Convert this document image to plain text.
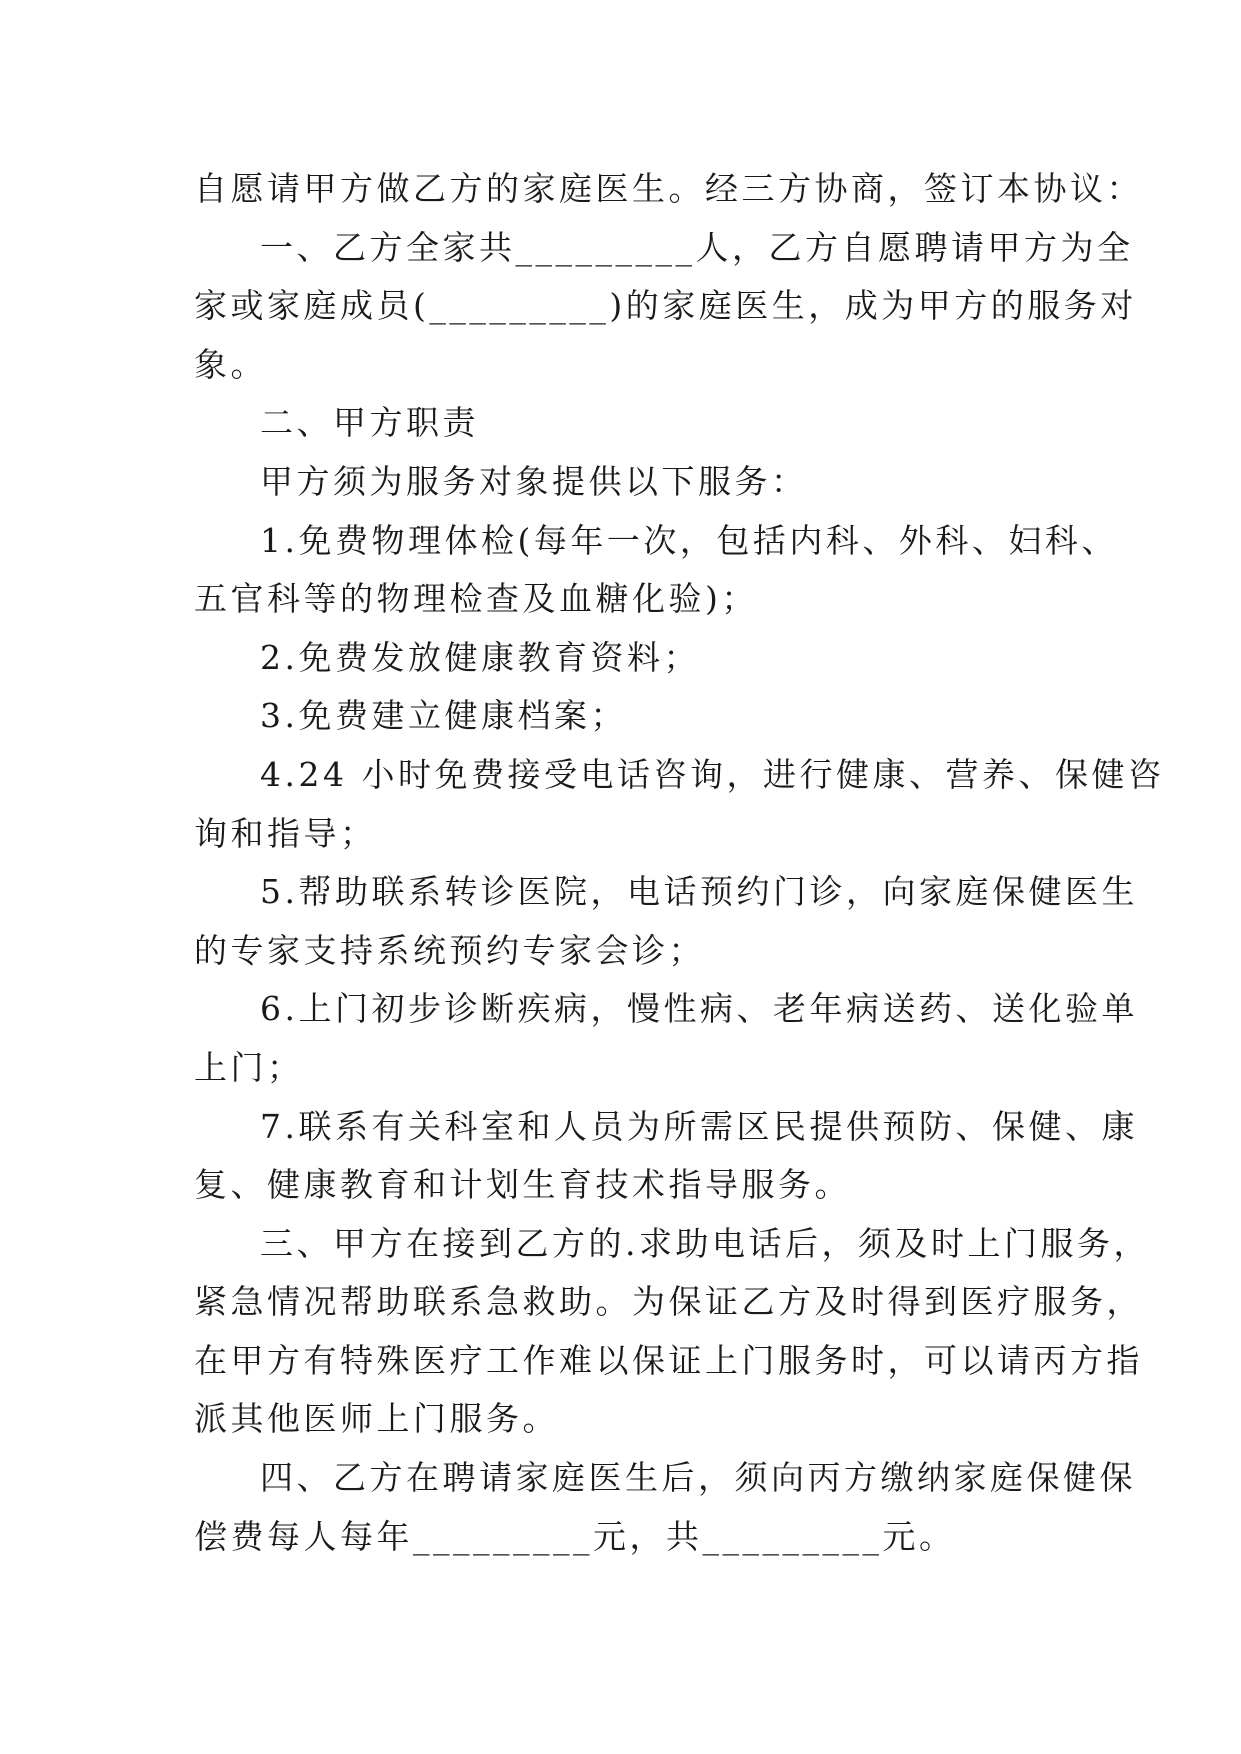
自愿请甲方做乙方的家庭医生。经三方协商，签订本协议：
一、乙方全家共_________人，乙方自愿聘请甲方为全
家或家庭成员(_________)的家庭医生，成为甲方的服务对
象。
二、甲方职责
甲方须为服务对象提供以下服务：
1.免费物理体检(每年一次，包括内科、外科、妇科、
五官科等的物理检查及血糖化验)；
2.免费发放健康教育资料；
3.免费建立健康档案；
4.24 小时免费接受电话咨询，进行健康、营养、保健咨
询和指导；
5.帮助联系转诊医院，电话预约门诊，向家庭保健医生
的专家支持系统预约专家会诊；
6.上门初步诊断疾病，慢性病、老年病送药、送化验单
上门；
7.联系有关科室和人员为所需区民提供预防、保健、康
复、健康教育和计划生育技术指导服务。
三、甲方在接到乙方的.求助电话后，须及时上门服务，
紧急情况帮助联系急救助。为保证乙方及时得到医疗服务，
在甲方有特殊医疗工作难以保证上门服务时，可以请丙方指
派其他医师上门服务。
四、乙方在聘请家庭医生后，须向丙方缴纳家庭保健保
偿费每人每年_________元，共_________元。
